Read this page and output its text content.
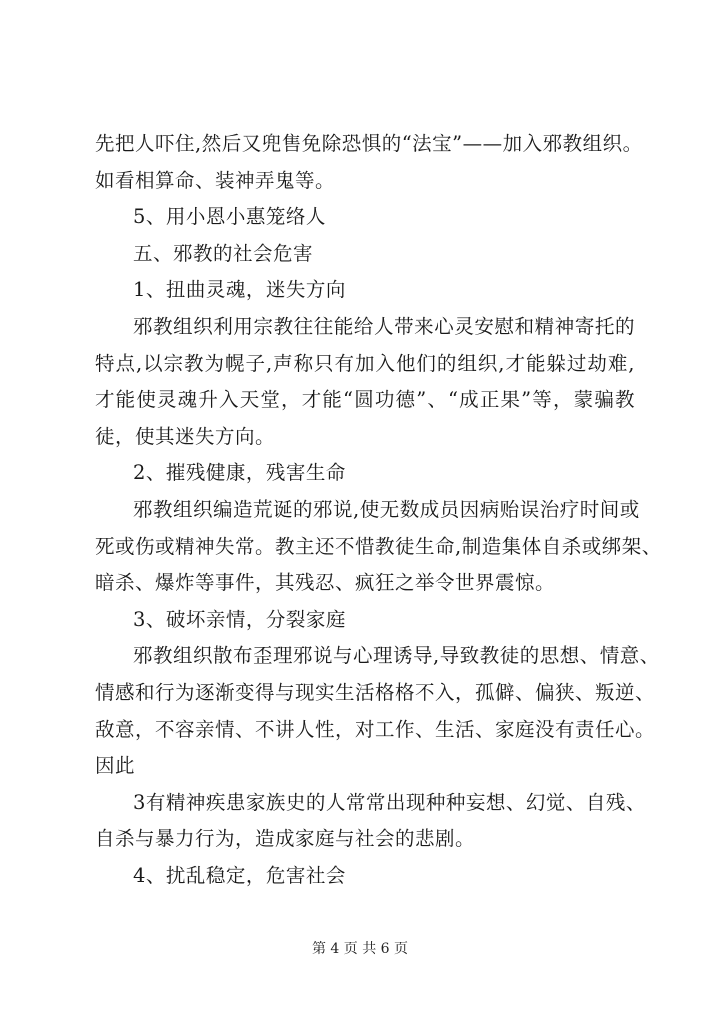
先把人吓住,然后又兜售免除恐惧的“法宝”——加入邪教组织。
如看相算命、装神弄鬼等。
5、用小恩小惠笼络人
五、邪教的社会危害
1、扭曲灵魂，迷失方向
邪教组织利用宗教往往能给人带来心灵安慰和精神寄托的
特点,以宗教为幌子,声称只有加入他们的组织,才能躲过劫难,
才能使灵魂升入天堂，才能“圆功德”、“成正果”等，蒙骗教
徒，使其迷失方向。
2、摧残健康，残害生命
邪教组织编造荒诞的邪说,使无数成员因病贻误治疗时间或
死或伤或精神失常。教主还不惜教徒生命,制造集体自杀或绑架、
暗杀、爆炸等事件，其残忍、疯狂之举令世界震惊。
3、破坏亲情，分裂家庭
邪教组织散布歪理邪说与心理诱导,导致教徒的思想、情意、
情感和行为逐渐变得与现实生活格格不入，孤僻、偏狭、叛逆、
敌意，不容亲情、不讲人性，对工作、生活、家庭没有责任心。
因此
3有精神疾患家族史的人常常出现种种妄想、幻觉、自残、
自杀与暴力行为，造成家庭与社会的悲剧。
4、扰乱稳定，危害社会
第 4 页 共 6 页
